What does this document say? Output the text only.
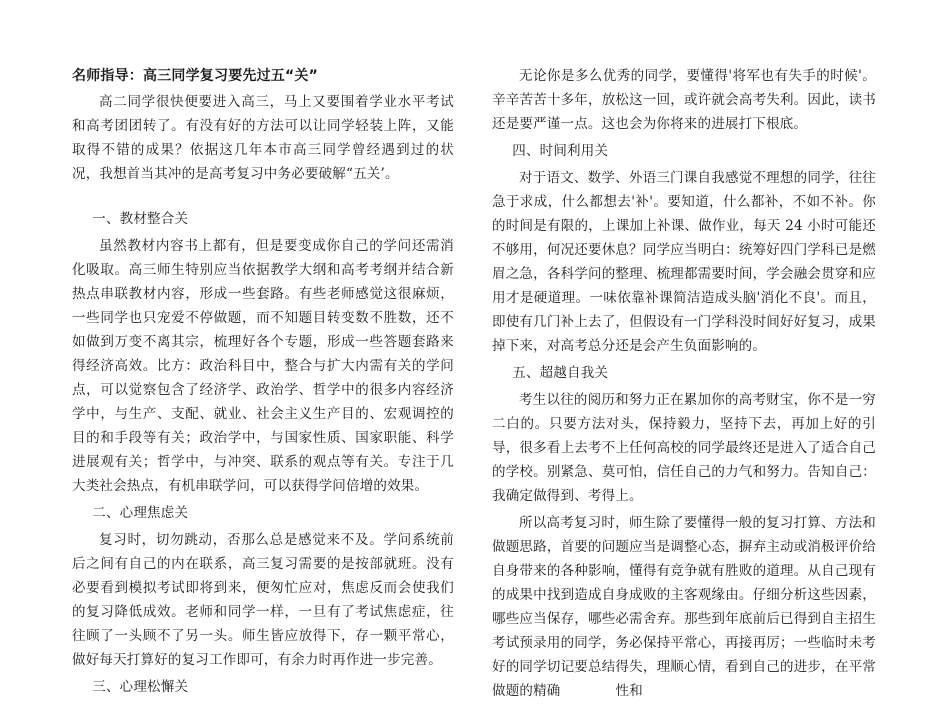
名师指导：高三同学复习要先过五“关”

高二同学很快便要进入高三，马上又要围着学业水平考试和高考团团转了。有没有好的方法可以让同学轻装上阵，又能取得不错的成果？依据这几年本市高三同学曾经遇到过的状况，我想首当其冲的是高考复习中务必要破解“五关’。

一、教材整合关

虽然教材内容书上都有，但是要变成你自己的学问还需消化吸取。高三师生特别应当依据教学大纲和高考考纲并结合新热点串联教材内容，形成一些套路。有些老师感觉这很麻烦，一些同学也只宠爱不停做题，而不知题目转变数不胜数，还不如做到万变不离其宗，梳理好各个专题，形成一些答题套路来得经济高效。比方：政治科目中，整合与扩大内需有关的学问点，可以觉察包含了经济学、政治学、哲学中的很多内容经济学中，与生产、支配、就业、社会主义生产目的、宏观调控的目的和手段等有关；政治学中，与国家性质、国家职能、科学进展观有关；哲学中，与冲突、联系的观点等有关。专注于几大类社会热点，有机串联学问，可以获得学问倍增的效果。

二、心理焦虑关

复习时，切勿跳动，否那么总是感觉来不及。学问系统前后之间有自己的内在联系，高三复习需要的是按部就班。没有必要看到模拟考试即将到来，便匆忙应对，焦虑反而会使我们的复习降低成效。老师和同学一样，一旦有了考试焦虑症，往往顾了一头顾不了另一头。师生皆应放得下，存一颗平常心，做好每天打算好的复习工作即可，有余力时再作进一步完善。

三、心理松懈关

无论你是多么优秀的同学，要懂得'将军也有失手的时候'。辛辛苦苦十多年，放松这一回，或许就会高考失利。因此，读书还是要严谨一点。这也会为你将来的进展打下根底。

四、时间利用关

对于语文、数学、外语三门课自我感觉不理想的同学，往往急于求成，什么都想去'补'。要知道，什么都补，不如不补。你的时间是有限的，上课加上补课、做作业，每天 24 小时可能还不够用，何况还要休息？同学应当明白：统筹好四门学科已是燃眉之急，各科学问的整理、梳理都需要时间，学会融会贯穿和应用才是硬道理。一味依靠补课简洁造成头脑'消化不良'。而且，即使有几门补上去了，但假设有一门学科没时间好好复习，成果掉下来，对高考总分还是会产生负面影响的。

五、超越自我关

考生以往的阅历和努力正在累加你的高考财宝，你不是一穷二白的。只要方法对头，保持毅力，坚持下去，再加上好的引导，很多看上去考不上任何高校的同学最终还是进入了适合自己的学校。别紧急、莫可怕，信任自己的力气和努力。告知自己：我确定做得到、考得上。

所以高考复习时，师生除了要懂得一般的复习打算、方法和做题思路，首要的问题应当是调整心态，摒弃主动或消极评价给自身带来的各种影响，懂得有竞争就有胜败的道理。从自己现有的成果中找到造成自身成败的主客观缘由。仔细分析这些因素，哪些应当保存，哪些必需舍弃。那些到年底前后已得到自主招生考试预录用的同学，务必保持平常心，再接再厉；一些临时未考好的同学切记要总结得失，理顺心情，看到自己的进步，在平常做题的精确	性和
